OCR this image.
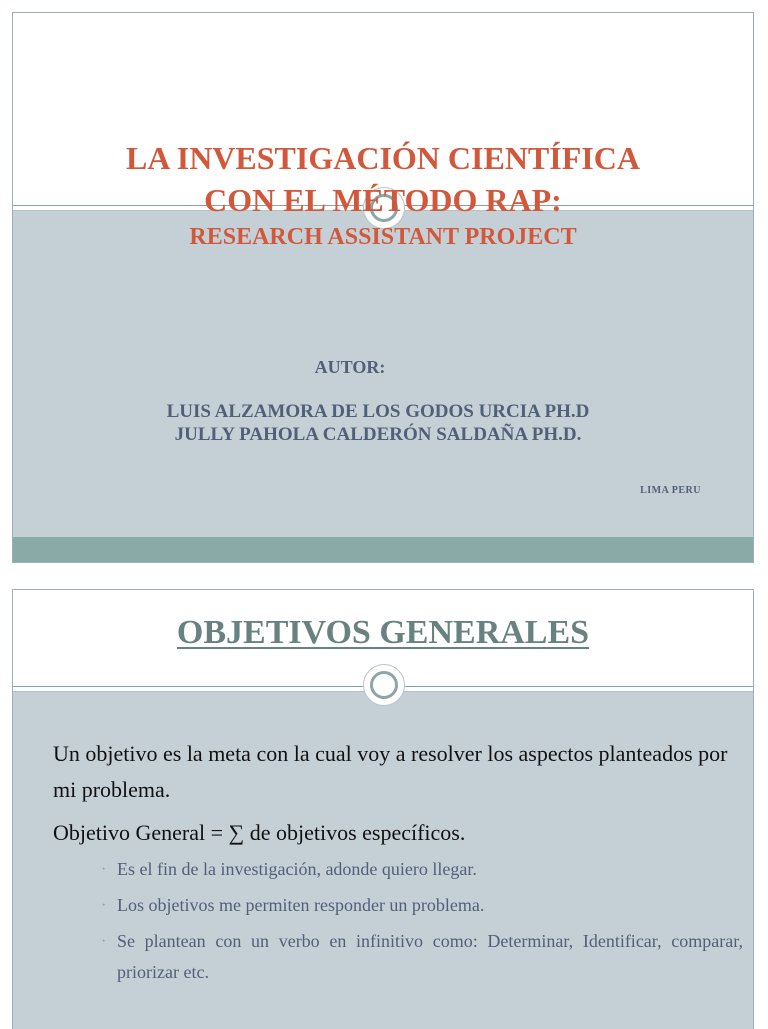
LA INVESTIGACIÓN CIENTÍFICA

CON EL MÉTODO RAP:

RESEARCH ASSISTANT PROJECT

AUTOR:

LUIS ALZAMORA DE LOS GODOS URCIA PH.D

JULLY PAHOLA CALDERÓN SALDAÑA PH.D.

LIMA PERU

OBJETIVOS GENERALES

Un objetivo es la meta con la cual voy a resolver los aspectos planteados por mi problema.

Objetivo General = ∑ de objetivos específicos.

· Es el fin de la investigación, adonde quiero llegar.
· Los objetivos me permiten responder un problema.
· Se plantean con un verbo en infinitivo como: Determinar, Identificar, comparar, priorizar etc.
